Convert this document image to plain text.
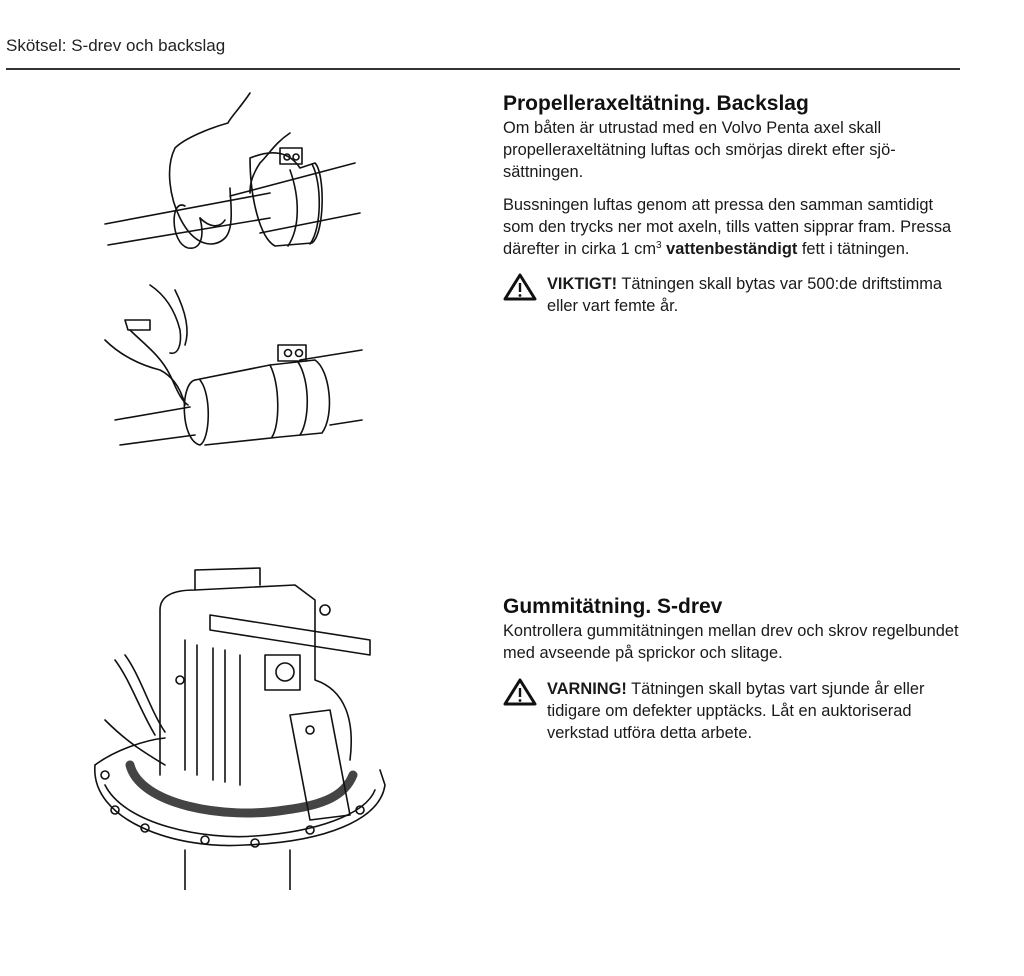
Skötsel: S-drev och backslag
Propelleraxeltätning. Backslag

Om båten är utrustad med en Volvo Penta axel skall propelleraxeltätning luftas och smörjas direkt efter sjösättningen.

Bussningen luftas genom att pressa den samman samtidigt som den trycks ner mot axeln, tills vatten sipprar fram. Pressa därefter in cirka 1 $cm^3$ vattenbeständigt fett i tätningen.

VIKTIGT! Tätningen skall bytas var 500:de driftstimma eller vart femte år.
Gummitätning. S-drev

Kontrollera gummitätningen mellan drev och skrov regelbundet med avseende på sprickor och slitage.

VARNING! Tätningen skall bytas vart sjunde år eller tidigare om defekter upptäcks. Låt en auktoriserad verkstad utföra detta arbete.
